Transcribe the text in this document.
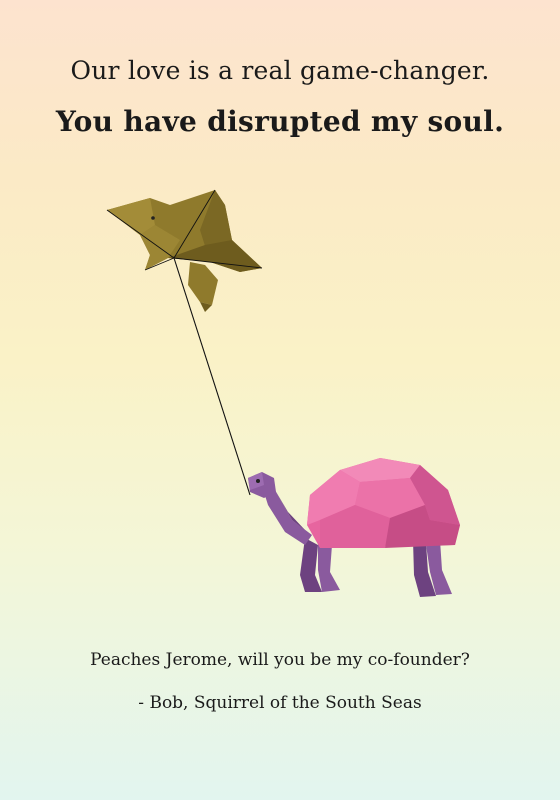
Our love is a real game-changer.
You have disrupted my soul.
Peaches Jerome, will you be my co-founder?
- Bob, Squirrel of the South Seas
